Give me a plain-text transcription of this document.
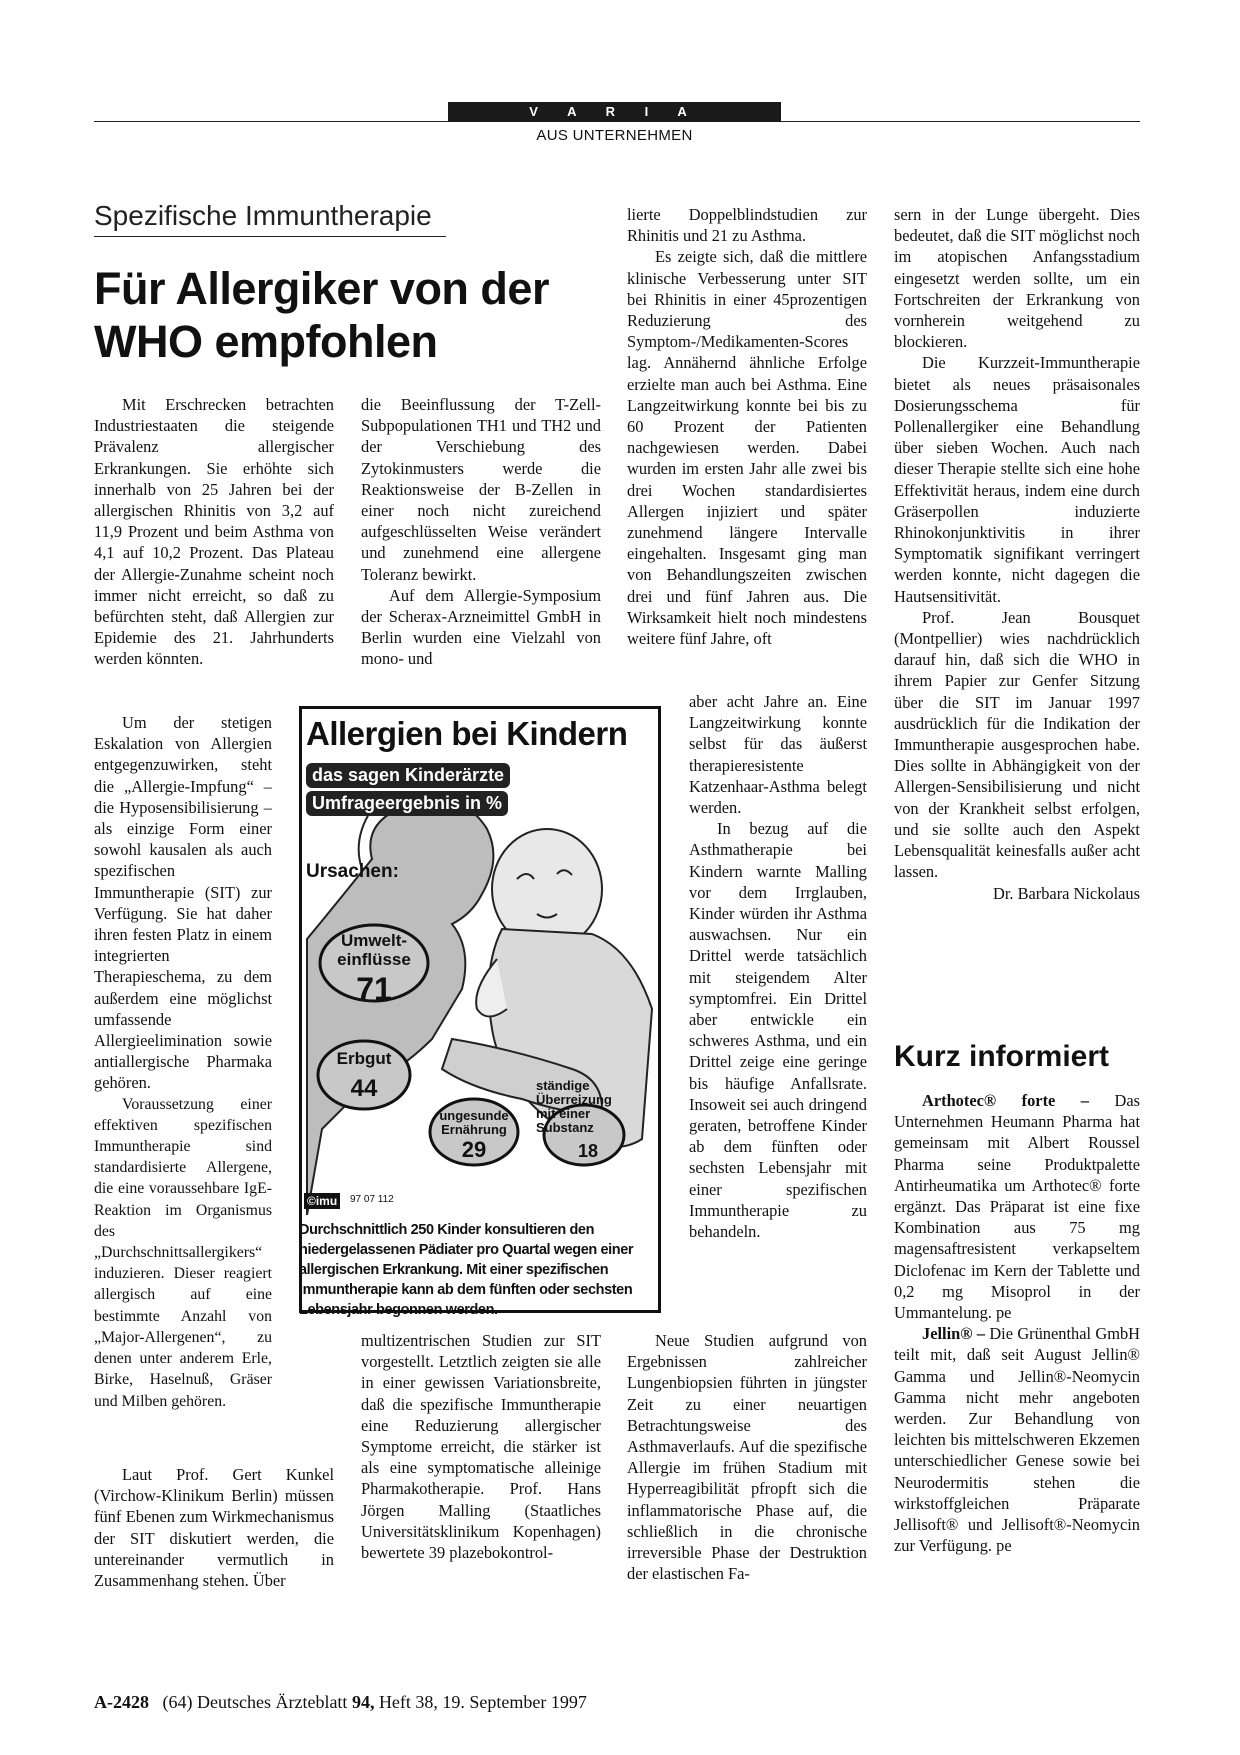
V A R I A
AUS UNTERNEHMEN
Spezifische Immuntherapie
Für Allergiker von der
WHO empfohlen

Mit Erschrecken betrachten Industriestaaten die steigende Prävalenz allergischer Erkrankungen. Sie erhöhte sich innerhalb von 25 Jahren bei der allergischen Rhinitis von 3,2 auf 11,9 Prozent und beim Asthma von 4,1 auf 10,2 Prozent. Das Plateau der Allergie-Zunahme scheint noch immer nicht erreicht, so daß zu befürchten steht, daß Allergien zur Epidemie des 21. Jahrhunderts werden könnten.

Um der stetigen Eskalation von Allergien entgegenzuwirken, steht die „Allergie-Impfung“ – die Hyposensibilisierung – als einzige Form einer sowohl kausalen als auch spezifischen Immuntherapie (SIT) zur Verfügung. Sie hat daher ihren festen Platz in einem integrierten Therapieschema, zu dem außerdem eine möglichst umfassende Allergieelimination sowie antiallergische Pharmaka gehören.

Voraussetzung einer effektiven spezifischen Immuntherapie sind standardisierte Allergene, die eine voraussehbare IgE-Reaktion im Organismus des „Durchschnittsallergikers“ induzieren. Dieser reagiert allergisch auf eine bestimmte Anzahl von „Major-Allergenen“, zu denen unter anderem Erle, Birke, Haselnuß, Gräser und Milben gehören.

Laut Prof. Gert Kunkel (Virchow-Klinikum Berlin) müssen fünf Ebenen zum Wirkmechanismus der SIT diskutiert werden, die untereinander vermutlich in Zusammenhang stehen. Über

die Beeinflussung der T-Zell-Subpopulationen TH1 und TH2 und der Verschiebung des Zytokinmusters werde die Reaktionsweise der B-Zellen in einer noch nicht zureichend aufgeschlüsselten Weise verändert und zunehmend eine allergene Toleranz bewirkt.

Auf dem Allergie-Symposium der Scherax-Arzneimittel GmbH in Berlin wurden eine Vielzahl von mono- und

multizentrischen Studien zur SIT vorgestellt. Letztlich zeigten sie alle in einer gewissen Variationsbreite, daß die spezifische Immuntherapie eine Reduzierung allergischer Symptome erreicht, die stärker ist als eine symptomatische alleinige Pharmakotherapie. Prof. Hans Jörgen Malling (Staatliches Universitätsklinikum Kopenhagen) bewertete 39 plazebokontrol-

lierte Doppelblindstudien zur Rhinitis und 21 zu Asthma.

Es zeigte sich, daß die mittlere klinische Verbesserung unter SIT bei Rhinitis in einer 45prozentigen Reduzierung des Symptom-/Medikamenten-Scores lag. Annähernd ähnliche Erfolge erzielte man auch bei Asthma. Eine Langzeitwirkung konnte bei bis zu 60 Prozent der Patienten nachgewiesen werden. Dabei wurden im ersten Jahr alle zwei bis drei Wochen standardisiertes Allergen injiziert und später zunehmend längere Intervalle eingehalten. Insgesamt ging man von Behandlungszeiten zwischen drei und fünf Jahren aus. Die Wirksamkeit hielt noch mindestens weitere fünf Jahre, oft

aber acht Jahre an. Eine Langzeitwirkung konnte selbst für das äußerst therapieresistente Katzenhaar-Asthma belegt werden.

In bezug auf die Asthmatherapie bei Kindern warnte Malling vor dem Irrglauben, Kinder würden ihr Asthma auswachsen. Nur ein Drittel werde tatsächlich mit steigendem Alter symptomfrei. Ein Drittel aber entwickle ein schweres Asthma, und ein Drittel zeige eine geringe bis häufige Anfallsrate. Insoweit sei auch dringend geraten, betroffene Kinder ab dem fünften oder sechsten Lebensjahr mit einer spezifischen Immuntherapie zu behandeln.

Neue Studien aufgrund von Ergebnissen zahlreicher Lungenbiopsien führten in jüngster Zeit zu einer neuartigen Betrachtungsweise des Asthmaverlaufs. Auf die spezifische Allergie im frühen Stadium mit Hyperreagibilität pfropft sich die inflammatorische Phase auf, die schließlich in die chronische irreversible Phase der Destruktion der elastischen Fa-

sern in der Lunge übergeht. Dies bedeutet, daß die SIT möglichst noch im atopischen Anfangsstadium eingesetzt werden sollte, um ein Fortschreiten der Erkrankung von vornherein weitgehend zu blockieren.

Die Kurzzeit-Immuntherapie bietet als neues präsaisonales Dosierungsschema für Pollenallergiker eine Behandlung über sieben Wochen. Auch nach dieser Therapie stellte sich eine hohe Effektivität heraus, indem eine durch Gräserpollen induzierte Rhinokonjunktivitis in ihrer Symptomatik signifikant verringert werden konnte, nicht dagegen die Hautsensitivität.

Prof. Jean Bousquet (Montpellier) wies nachdrücklich darauf hin, daß sich die WHO in ihrem Papier zur Genfer Sitzung über die SIT im Januar 1997 ausdrücklich für die Indikation der Immuntherapie ausgesprochen habe. Dies sollte in Abhängigkeit von der Allergen-Sensibilisierung und nicht von der Krankheit selbst erfolgen, und sie sollte auch den Aspekt Lebensqualität keinesfalls außer acht lassen.

Dr. Barbara Nickolaus

Kurz informiert

Arthotec® forte – Das Unternehmen Heumann Pharma hat gemeinsam mit Albert Roussel Pharma seine Produktpalette Antirheumatika um Arthotec® forte ergänzt. Das Präparat ist eine fixe Kombination aus 75 mg magensaftresistent verkapseltem Diclofenac im Kern der Tablette und 0,2 mg Misoprol in der Ummantelung. pe

Jellin® – Die Grünenthal GmbH teilt mit, daß seit August Jellin® Gamma und Jellin®-Neomycin Gamma nicht mehr angeboten werden. Zur Behandlung von leichten bis mittelschweren Ekzemen unterschiedlicher Genese sowie bei Neurodermitis stehen die wirkstoffgleichen Präparate Jellisoft® und Jellisoft®-Neomycin zur Verfügung. pe

Allergien bei Kindern
das sagen Kinderärzte
Umfrageergebnis in %
Ursachen:
Umwelt-
einflüsse
71
Erbgut
44
ungesunde
Ernährung
29
ständige
Überreizung
mit einer
Substanz
18
©imu	97 07 112
Durchschnittlich 250 Kinder konsultieren den niedergelassenen Pädiater pro Quartal wegen einer allergischen Erkrankung. Mit einer spezifischen Immuntherapie kann ab dem fünften oder sechsten Lebensjahr begonnen werden.
A-2428 (64) Deutsches Ärzteblatt 94, Heft 38, 19. September 1997
